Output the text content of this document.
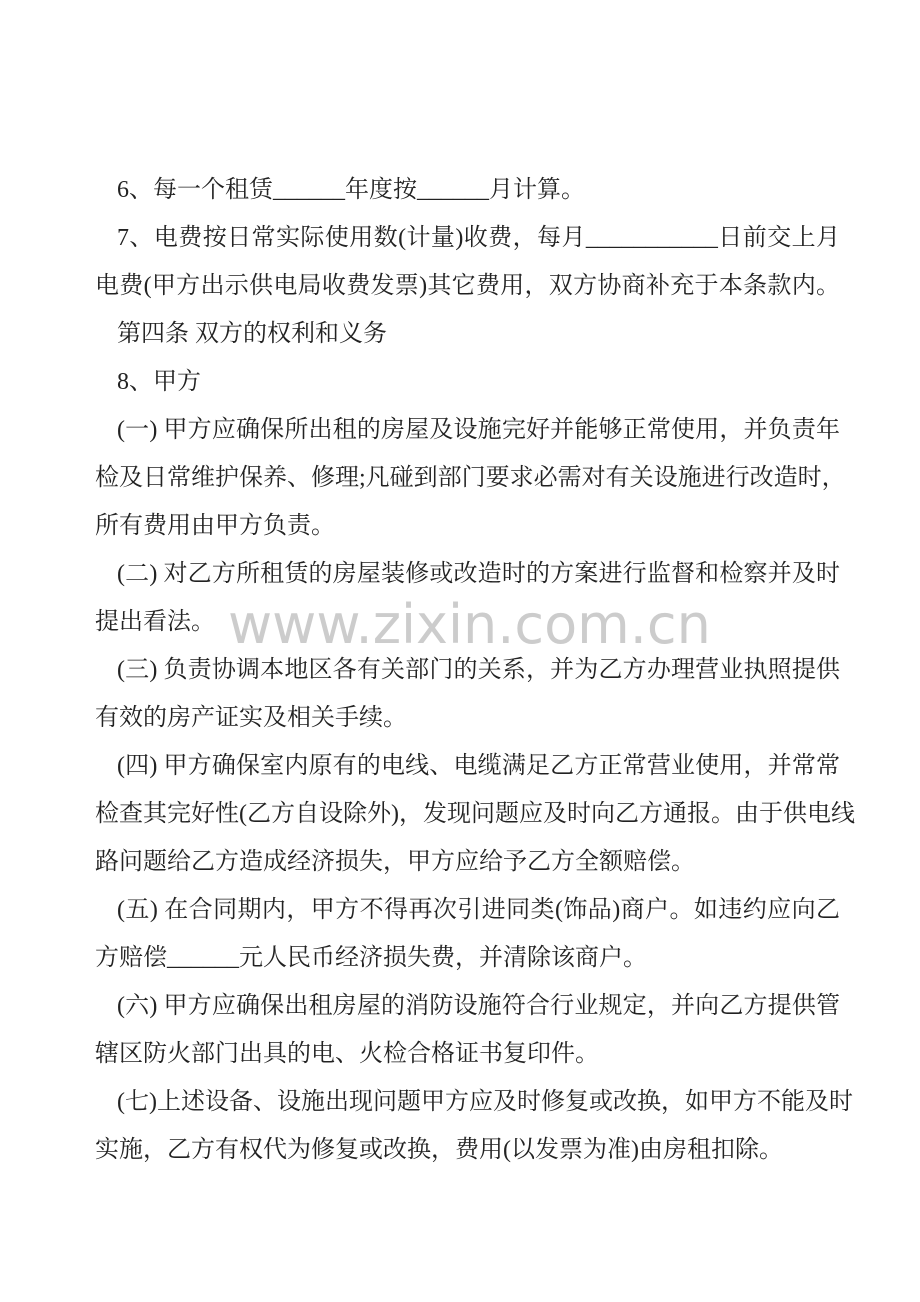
www.zixin.com.cn

6、每一个租赁______年度按______月计算。

7、电费按日常实际使用数(计量)收费，每月___________日前交上月

电费(甲方出示供电局收费发票)其它费用，双方协商补充于本条款内。

第四条 双方的权利和义务

8、甲方

(一) 甲方应确保所出租的房屋及设施完好并能够正常使用，并负责年

检及日常维护保养、修理;凡碰到部门要求必需对有关设施进行改造时，

所有费用由甲方负责。

(二) 对乙方所租赁的房屋装修或改造时的方案进行监督和检察并及时

提出看法。

(三) 负责协调本地区各有关部门的关系，并为乙方办理营业执照提供

有效的房产证实及相关手续。

(四) 甲方确保室内原有的电线、电缆满足乙方正常营业使用，并常常

检查其完好性(乙方自设除外)，发现问题应及时向乙方通报。由于供电线

路问题给乙方造成经济损失，甲方应给予乙方全额赔偿。

(五) 在合同期内，甲方不得再次引进同类(饰品)商户。如违约应向乙

方赔偿______元人民币经济损失费，并清除该商户。

(六) 甲方应确保出租房屋的消防设施符合行业规定，并向乙方提供管

辖区防火部门出具的电、火检合格证书复印件。

(七)上述设备、设施出现问题甲方应及时修复或改换，如甲方不能及时

实施，乙方有权代为修复或改换，费用(以发票为准)由房租扣除。
